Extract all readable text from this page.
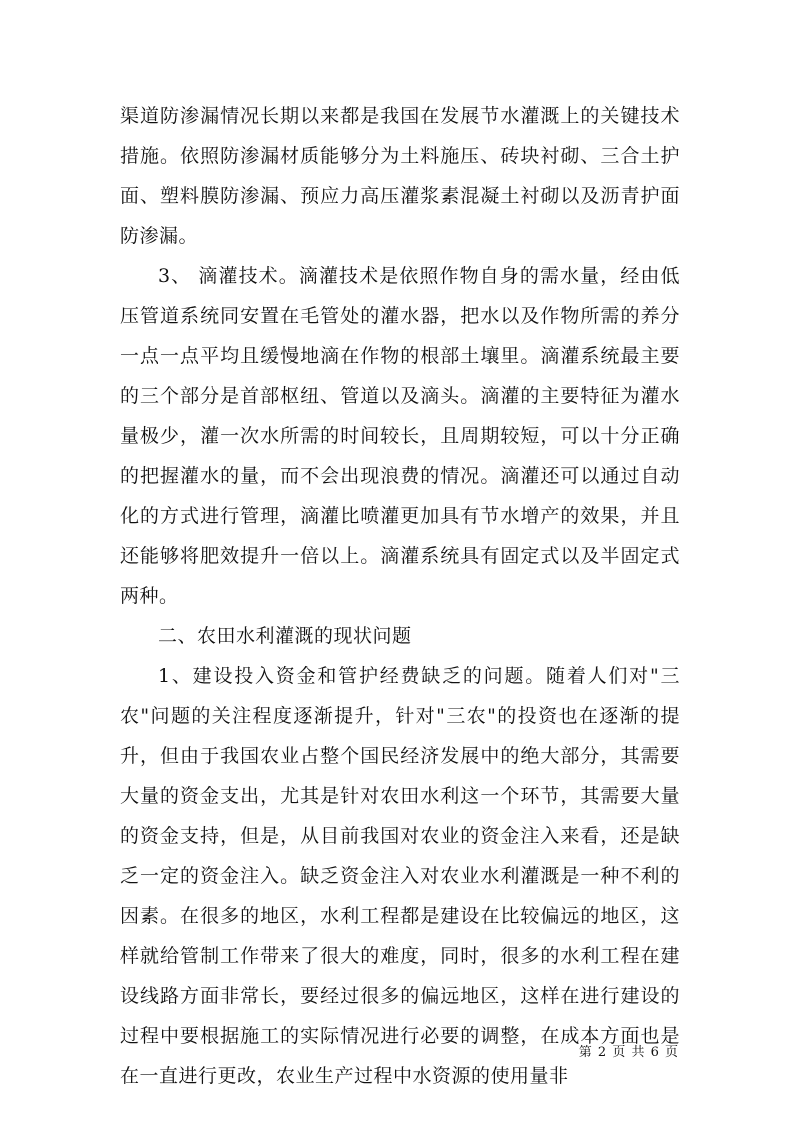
渠道防渗漏情况长期以来都是我国在发展节水灌溉上的关键技术措施。依照防渗漏材质能够分为土料施压、砖块衬砌、三合土护面、塑料膜防渗漏、预应力高压灌浆素混凝土衬砌以及沥青护面防渗漏。

3、 滴灌技术。滴灌技术是依照作物自身的需水量，经由低压管道系统同安置在毛管处的灌水器，把水以及作物所需的养分一点一点平均且缓慢地滴在作物的根部土壤里。滴灌系统最主要的三个部分是首部枢纽、管道以及滴头。滴灌的主要特征为灌水量极少，灌一次水所需的时间较长，且周期较短，可以十分正确的把握灌水的量，而不会出现浪费的情况。滴灌还可以通过自动化的方式进行管理，滴灌比喷灌更加具有节水增产的效果，并且还能够将肥效提升一倍以上。滴灌系统具有固定式以及半固定式两种。

二、农田水利灌溉的现状问题

1、建设投入资金和管护经费缺乏的问题。随着人们对"三农"问题的关注程度逐渐提升，针对"三农"的投资也在逐渐的提升，但由于我国农业占整个国民经济发展中的绝大部分，其需要大量的资金支出，尤其是针对农田水利这一个环节，其需要大量的资金支持，但是，从目前我国对农业的资金注入来看，还是缺乏一定的资金注入。缺乏资金注入对农业水利灌溉是一种不利的因素。在很多的地区，水利工程都是建设在比较偏远的地区，这样就给管制工作带来了很大的难度，同时，很多的水利工程在建设线路方面非常长，要经过很多的偏远地区，这样在进行建设的过程中要根据施工的实际情况进行必要的调整，在成本方面也是在一直进行更改，农业生产过程中水资源的使用量非

第 2 页 共 6 页
